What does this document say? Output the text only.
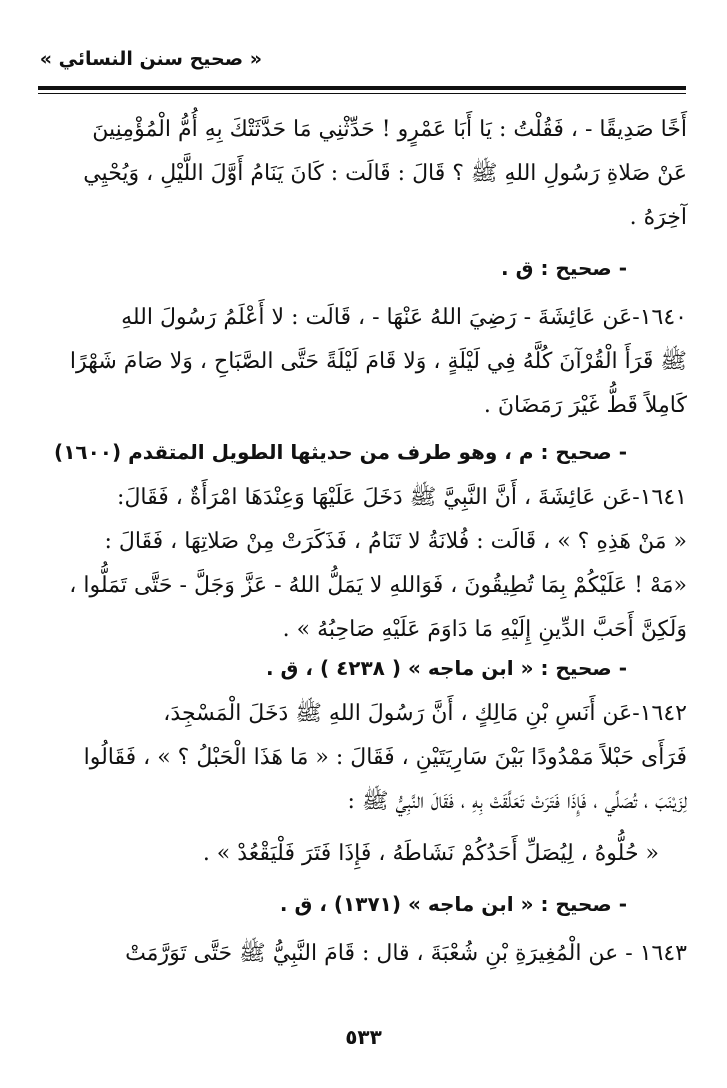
« صحيح سنن النسائي »
أَخًا صَدِيقًا - ، فَقُلْتُ : يَا أَبَا عَمْرٍو ! حَدِّثْنِي مَا حَدَّثَتْكَ بِهِ أُمُّ الْمُؤْمِنِينَ
عَنْ صَلاةِ رَسُولِ اللهِ ﷺ ؟ قَالَ : قَالَت : كَانَ يَنَامُ أَوَّلَ اللَّيْلِ ، وَيُحْيِي
آخِرَهُ .
- صحيح : ق .
١٦٤٠-عَن عَائِشَةَ - رَضِيَ اللهُ عَنْهَا - ، قَالَت : لا أَعْلَمُ رَسُولَ اللهِ
ﷺ قَرَأَ الْقُرْآنَ كُلَّهُ فِي لَيْلَةٍ ، وَلا قَامَ لَيْلَةً حَتَّى الصَّبَاحِ ، وَلا صَامَ شَهْرًا
كَامِلاً قَطُّ غَيْرَ رَمَضَانَ .
- صحيح : م ، وهو طرف من حديثها الطويل المتقدم (١٦٠٠)
١٦٤١-عَن عَائِشَةَ ، أَنَّ النَّبِيَّ ﷺ دَخَلَ عَلَيْهَا وَعِنْدَهَا امْرَأَةٌ ، فَقَالَ:
« مَنْ هَذِهِ ؟ » ، قَالَت : فُلانَةُ لا تَنَامُ ، فَذَكَرَتْ مِنْ صَلاتِهَا ، فَقَالَ :
«مَهْ ! عَلَيْكُمْ بِمَا تُطِيقُونَ ، فَوَاللهِ لا يَمَلُّ اللهُ - عَزَّ وَجَلَّ - حَتَّى تَمَلُّوا ،
وَلَكِنَّ أَحَبَّ الدِّينِ إِلَيْهِ مَا دَاوَمَ عَلَيْهِ صَاحِبُهُ » .
- صحيح : « ابن ماجه » ( ٤٢٣٨ ) ، ق .
١٦٤٢-عَن أَنَسِ بْنِ مَالِكٍ ، أَنَّ رَسُولَ اللهِ ﷺ دَخَلَ الْمَسْجِدَ،
فَرَأَى حَبْلاً مَمْدُودًا بَيْنَ سَارِيَتَيْنِ ، فَقَالَ : « مَا هَذَا الْحَبْلُ ؟ » ، فَقَالُوا
لِزَيْنَبَ ، تُصَلِّي ، فَإِذَا فَتَرَتْ تَعَلَّقَتْ بِهِ ، فَقَالَ النَّبِيُّ ﷺ :
« حُلُّوهُ ، لِيُصَلِّ أَحَدُكُمْ نَشَاطَهُ ، فَإِذَا فَتَرَ فَلْيَقْعُدْ » .
- صحيح : « ابن ماجه » (١٣٧١) ، ق .
١٦٤٣ - عن الْمُغِيرَةِ بْنِ شُعْبَةَ ، قال : قَامَ النَّبِيُّ ﷺ حَتَّى تَوَرَّمَتْ
٥٣٣
